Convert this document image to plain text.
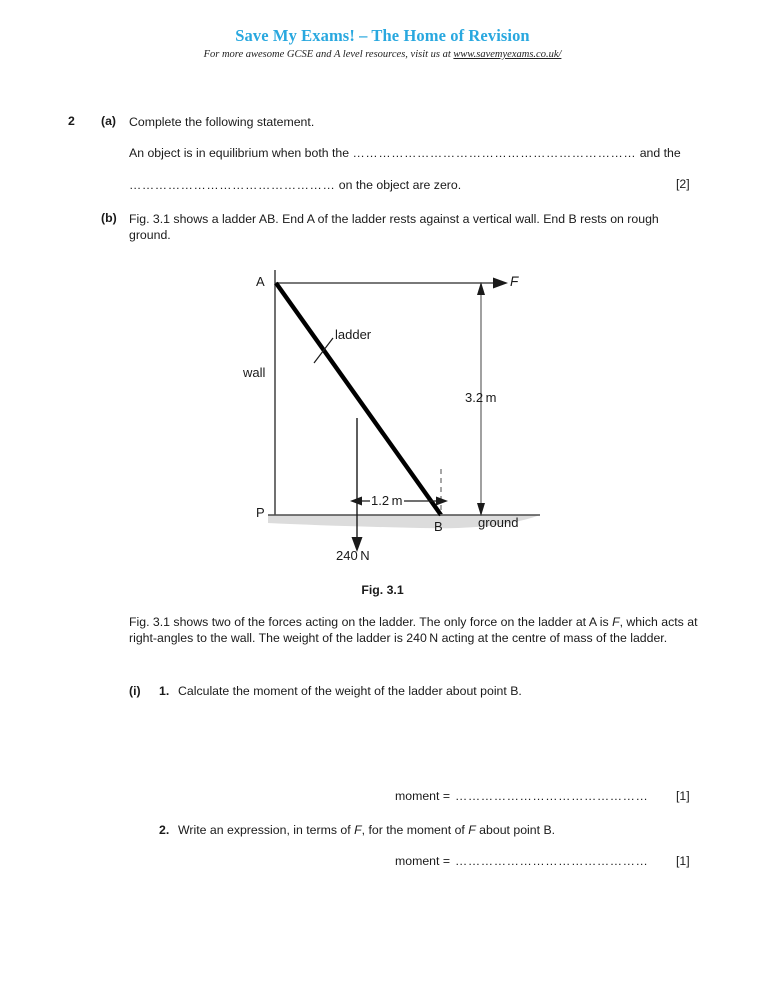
Save My Exams! – The Home of Revision
For more awesome GCSE and A level resources, visit us at www.savemyexams.co.uk/
2 (a) Complete the following statement.
An object is in equilibrium when both the ………………………………………………………… and the
………………………………………… on the object are zero.	[2]
(b) Fig. 3.1 shows a ladder AB. End A of the ladder rests against a vertical wall. End B rests on rough ground.
A	F
wall
ladder
P
B	ground
3.2 m
1.2 m
240 N
Fig. 3.1
Fig. 3.1 shows two of the forces acting on the ladder. The only force on the ladder at A is F, which acts at right-angles to the wall. The weight of the ladder is 240 N acting at the centre of mass of the ladder.
(i) 1. Calculate the moment of the weight of the ladder about point B.
moment = ……………………………………… [1]
2. Write an expression, in terms of F, for the moment of F about point B.
moment = ……………………………………… [1]
